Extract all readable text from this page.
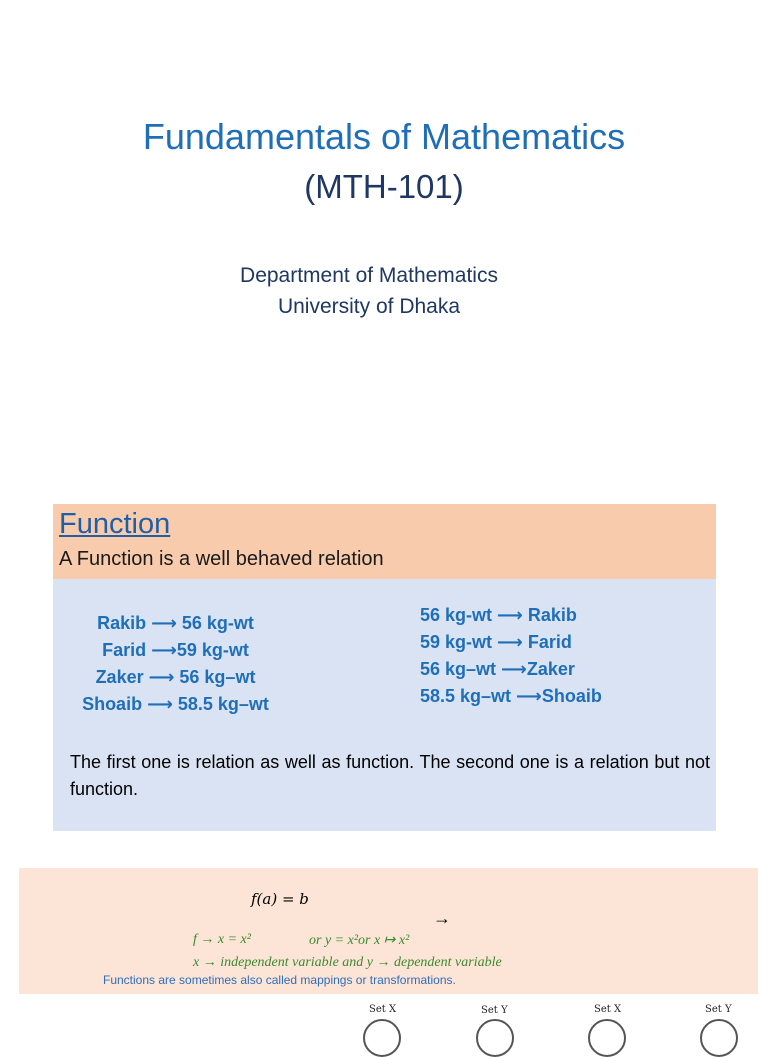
Fundamentals of Mathematics
(MTH-101)
Department of Mathematics
University of Dhaka
Function
A Function is a well behaved relation
Rakib ⟶ 56 kg-wt
Farid ⟶59 kg-wt
Zaker ⟶ 56 kg–wt
Shoaib ⟶ 58.5 kg–wt
56 kg-wt ⟶ Rakib
59 kg-wt ⟶ Farid
56 kg–wt ⟶Zaker
58.5 kg–wt ⟶Shoaib
The first one is relation as well as function. The second one is a relation but not function.
f(a) = b
→
f → x = x²	or y = x²or x ↦ x²
x → independent variable and y → dependent variable
Functions are sometimes also called mappings or transformations.
Set X	Set Y	Set X	Set Y
